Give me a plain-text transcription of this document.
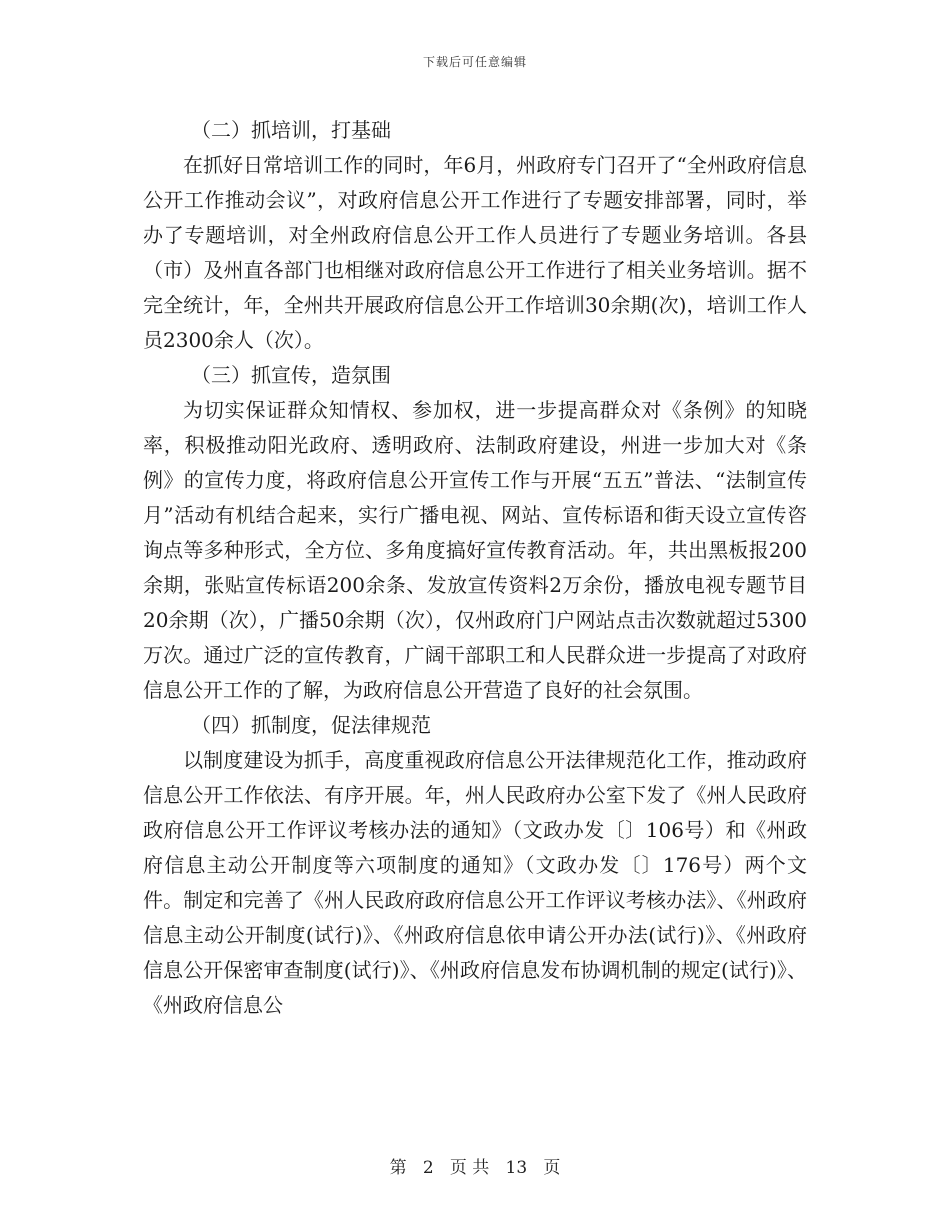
下载后可任意编辑

（二）抓培训，打基础

在抓好日常培训工作的同时，年6月，州政府专门召开了“全州政府信息公开工作推动会议”，对政府信息公开工作进行了专题安排部署，同时，举办了专题培训，对全州政府信息公开工作人员进行了专题业务培训。各县（市）及州直各部门也相继对政府信息公开工作进行了相关业务培训。据不完全统计，年，全州共开展政府信息公开工作培训30余期(次)，培训工作人员2300余人（次）。

（三）抓宣传，造氛围

为切实保证群众知情权、参加权，进一步提高群众对《条例》的知晓率，积极推动阳光政府、透明政府、法制政府建设，州进一步加大对《条例》的宣传力度，将政府信息公开宣传工作与开展“五五”普法、“法制宣传月”活动有机结合起来，实行广播电视、网站、宣传标语和街天设立宣传咨询点等多种形式，全方位、多角度搞好宣传教育活动。年，共出黑板报200余期，张贴宣传标语200余条、发放宣传资料2万余份，播放电视专题节目20余期（次），广播50余期（次），仅州政府门户网站点击次数就超过5300万次。通过广泛的宣传教育，广阔干部职工和人民群众进一步提高了对政府信息公开工作的了解，为政府信息公开营造了良好的社会氛围。

（四）抓制度，促法律规范

以制度建设为抓手，高度重视政府信息公开法律规范化工作，推动政府信息公开工作依法、有序开展。年，州人民政府办公室下发了《州人民政府政府信息公开工作评议考核办法的通知》（文政办发〔〕106号）和《州政府信息主动公开制度等六项制度的通知》（文政办发〔〕176号）两个文件。制定和完善了《州人民政府政府信息公开工作评议考核办法》、《州政府信息主动公开制度(试行)》、《州政府信息依申请公开办法(试行)》、《州政府信息公开保密审查制度(试行)》、《州政府信息发布协调机制的规定(试行)》、《州政府信息公

第 2 页 共 13 页
